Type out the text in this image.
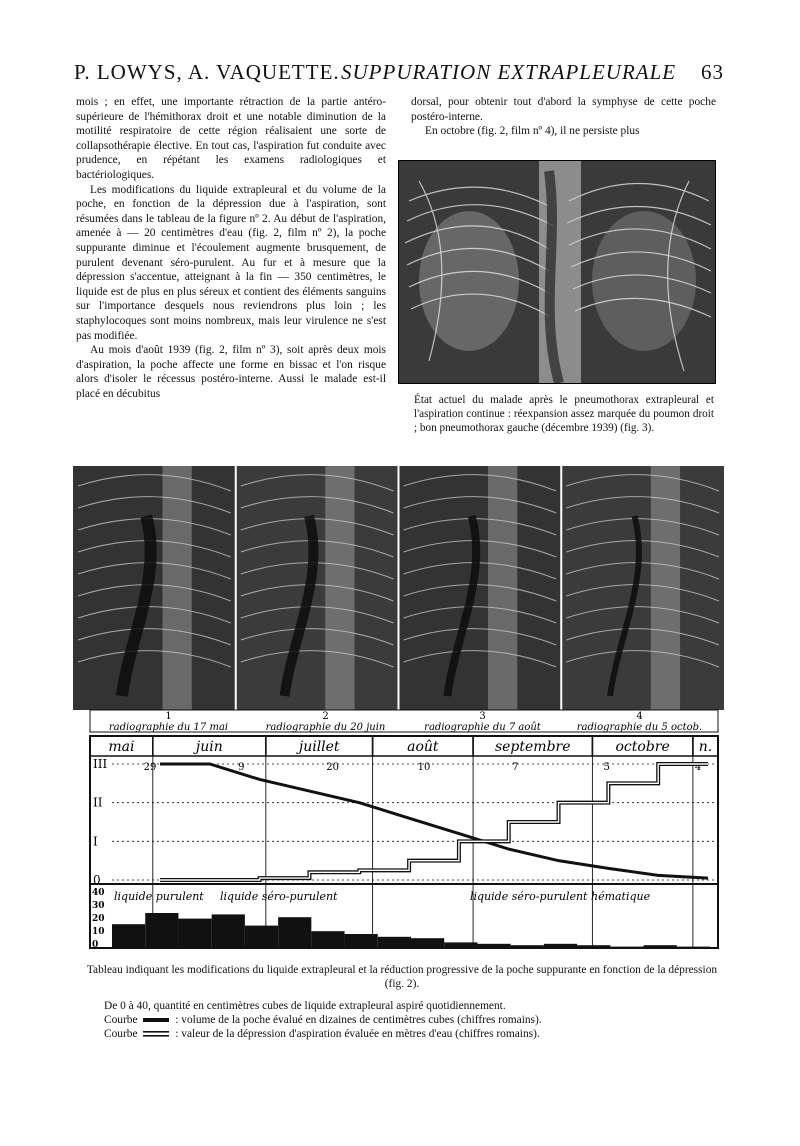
P. LOWYS, A. VAQUETTE. SUPPURATION EXTRAPLEURALE 63

mois ; en effet, une importante rétraction de la partie antéro-supérieure de l'hémithorax droit et une notable diminution de la motilité respiratoire de cette région réalisaient une sorte de collapsothérapie élective. En tout cas, l'aspiration fut conduite avec prudence, en répétant les examens radiologiques et bactériologiques.

Les modifications du liquide extrapleural et du volume de la poche, en fonction de la dépression due à l'aspiration, sont résumées dans le tableau de la figure nº 2. Au début de l'aspiration, amenée à — 20 centimètres d'eau (fig. 2, film nº 2), la poche suppurante diminue et l'écoulement augmente brusquement, de purulent devenant séro-purulent. Au fur et à mesure que la dépression s'accentue, atteignant à la fin — 350 centimètres, le liquide est de plus en plus séreux et contient des éléments sanguins sur l'importance desquels nous reviendrons plus loin ; les staphylocoques sont moins nombreux, mais leur virulence ne s'est pas modifiée.

Au mois d'août 1939 (fig. 2, film nº 3), soit après deux mois d'aspiration, la poche affecte une forme en bissac et l'on risque alors d'isoler le récessus postéro-interne. Aussi le malade est-il placé en décubitus

dorsal, pour obtenir tout d'abord la symphyse de cette poche postéro-interne.

En octobre (fig. 2, film nº 4), il ne persiste plus

État actuel du malade après le pneumothorax extrapleural et l'aspiration continue : réexpansion assez marquée du poumon droit ; bon pneumothorax gauche (décembre 1939) (fig. 3).
1
radiographie du 17 mai
2
radiographie du 20 juin
3
radiographie du 7 août
4
radiographie du 5 octob.
mai	juin	juillet	août	septembre	octobre n.
III
II
I
0
29	9	20	10	7	5	4
40
30
20
10
0
liquide purulent liquide séro-purulent	liquide séro-purulent hématique
Tableau indiquant les modifications du liquide extrapleural et la réduction progressive de la poche suppurante en fonction de la dépression (fig. 2).
De 0 à 40, quantité en centimètres cubes de liquide extrapleural aspiré quotidiennement.
Courbe	: volume de la poche évalué en dizaines de centimètres cubes (chiffres romains).
Courbe	: valeur de la dépression d'aspiration évaluée en mètres d'eau (chiffres romains).
